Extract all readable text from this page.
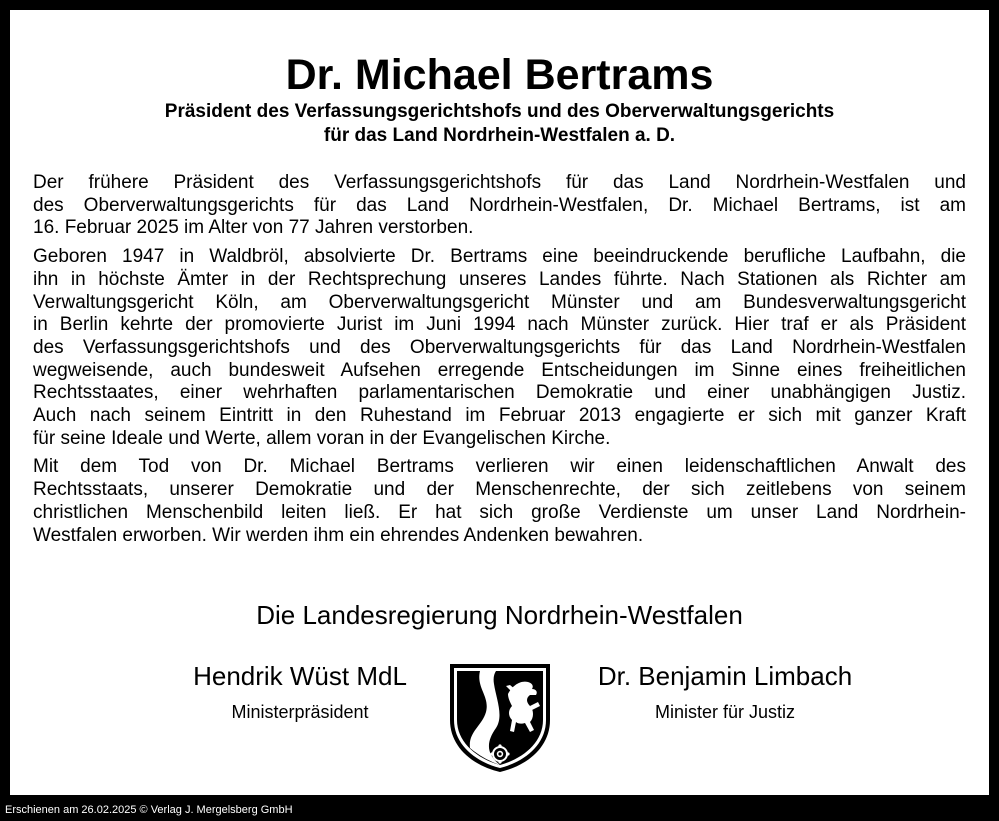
Dr. Michael Bertrams
Präsident des Verfassungsgerichtshofs und des Oberverwaltungsgerichts
für das Land Nordrhein-Westfalen a. D.

Der frühere Präsident des Verfassungsgerichtshofs für das Land Nordrhein-Westfalen und
des Oberverwaltungsgerichts für das Land Nordrhein-Westfalen, Dr. Michael Bertrams, ist am
16. Februar 2025 im Alter von 77 Jahren verstorben.

Geboren 1947 in Waldbröl, absolvierte Dr. Bertrams eine beeindruckende berufliche Laufbahn, die
ihn in höchste Ämter in der Rechtsprechung unseres Landes führte. Nach Stationen als Richter am
Verwaltungsgericht Köln, am Oberverwaltungsgericht Münster und am Bundesverwaltungsgericht
in Berlin kehrte der promovierte Jurist im Juni 1994 nach Münster zurück. Hier traf er als Präsident
des Verfassungsgerichtshofs und des Oberverwaltungsgerichts für das Land Nordrhein-Westfalen
wegweisende, auch bundesweit Aufsehen erregende Entscheidungen im Sinne eines freiheitlichen
Rechtsstaates, einer wehrhaften parlamentarischen Demokratie und einer unabhängigen Justiz.
Auch nach seinem Eintritt in den Ruhestand im Februar 2013 engagierte er sich mit ganzer Kraft
für seine Ideale und Werte, allem voran in der Evangelischen Kirche.

Mit dem Tod von Dr. Michael Bertrams verlieren wir einen leidenschaftlichen Anwalt des
Rechtsstaats, unserer Demokratie und der Menschenrechte, der sich zeitlebens von seinem
christlichen Menschenbild leiten ließ. Er hat sich große Verdienste um unser Land Nordrhein-
Westfalen erworben. Wir werden ihm ein ehrendes Andenken bewahren.

Die Landesregierung Nordrhein-Westfalen
Hendrik Wüst MdL
Ministerpräsident
Dr. Benjamin Limbach
Minister für Justiz
Erschienen am 26.02.2025 © Verlag J. Mergelsberg GmbH
